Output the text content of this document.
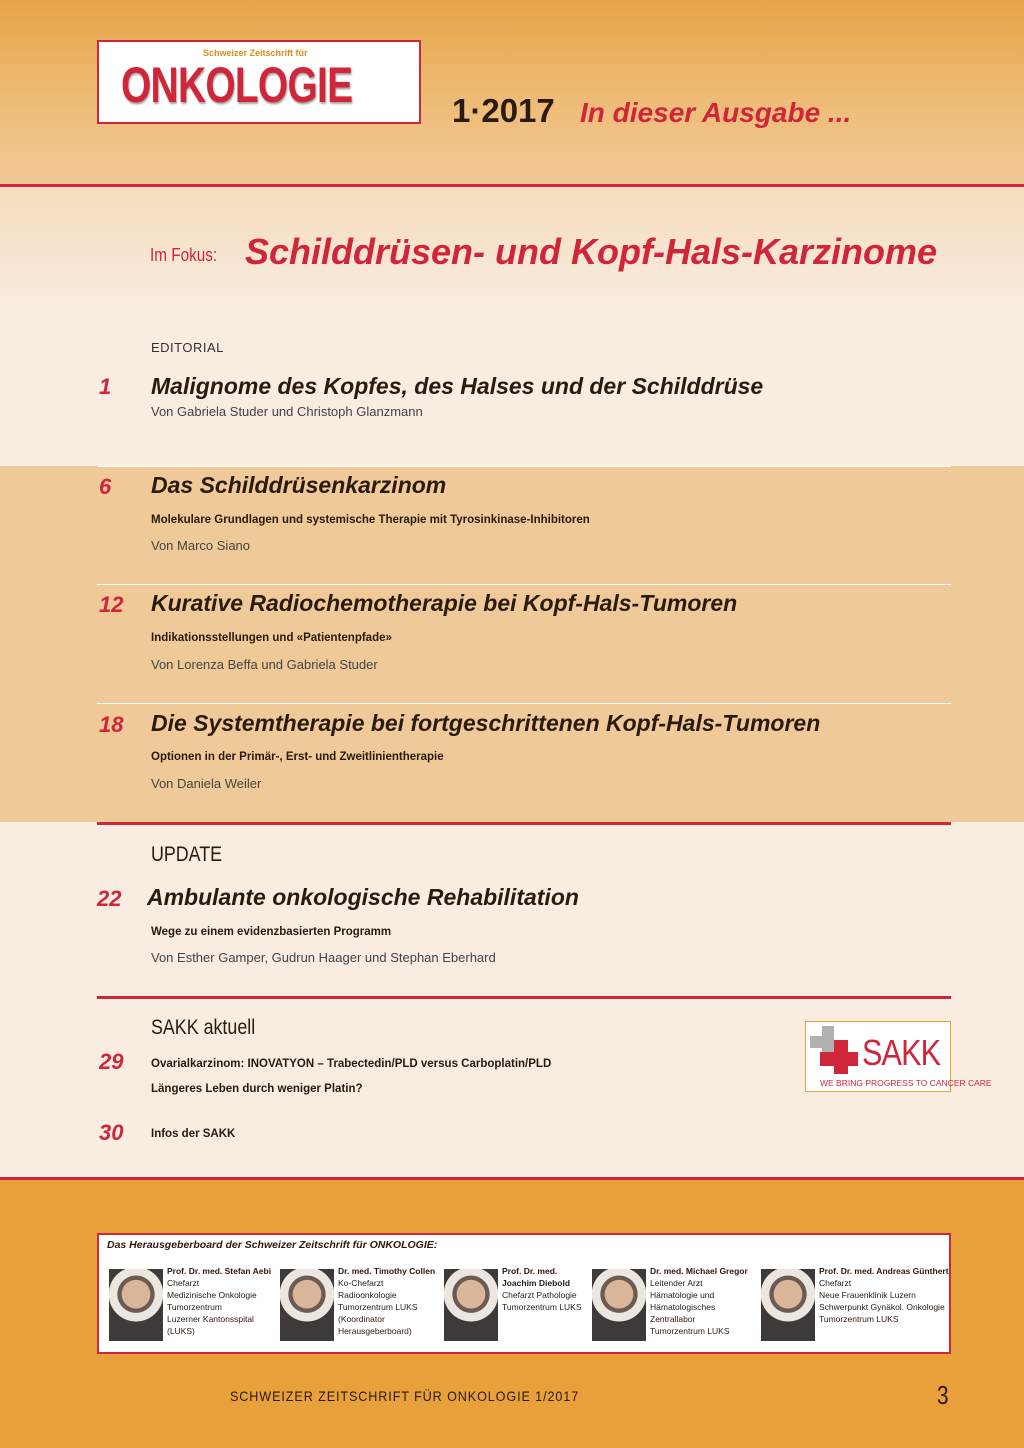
Schweizer Zeitschrift für
ONKOLOGIE	1·2017 In dieser Ausgabe ...
Im Fokus: Schilddrüsen- und Kopf-Hals-Karzinome
EDITORIAL
1 Malignome des Kopfes, des Halses und der Schilddrüse
Von Gabriela Studer und Christoph Glanzmann
6 Das Schilddrüsenkarzinom
Molekulare Grundlagen und systemische Therapie mit Tyrosinkinase-Inhibitoren
Von Marco Siano
12 Kurative Radiochemotherapie bei Kopf-Hals-Tumoren
Indikationsstellungen und «Patientenpfade»
Von Lorenza Beffa und Gabriela Studer
18 Die Systemtherapie bei fortgeschrittenen Kopf-Hals-Tumoren
Optionen in der Primär-, Erst- und Zweitlinientherapie
Von Daniela Weiler
UPDATE
22 Ambulante onkologische Rehabilitation
Wege zu einem evidenzbasierten Programm
Von Esther Gamper, Gudrun Haager und Stephan Eberhard
SAKK aktuell
29 Ovarialkarzinom: INOVATYON – Trabectedin/PLD versus Carboplatin/PLD
Längeres Leben durch weniger Platin?
30 Infos der SAKK
SAKK
WE BRING PROGRESS TO CANCER CARE
Das Herausgeberboard der Schweizer Zeitschrift für ONKOLOGIE:
Prof. Dr. med. Stefan Aebi
Chefarzt
Medizinische Onkologie
Tumorzentrum
Luzerner Kantonsspital
(LUKS)
Dr. med. Timothy Collen
Ko-Chefarzt
Radioonkologie
Tumorzentrum LUKS
(Koordinator
Herausgeberboard)
Prof. Dr. med.
Joachim Diebold
Chefarzt Pathologie
Tumorzentrum LUKS
Dr. med. Michael Gregor
Leitender Arzt
Hämatologie und
Hämatologisches
Zentrallabor
Tumorzentrum LUKS
Prof. Dr. med. Andreas Günthert
Chefarzt
Neue Frauenklinik Luzern
Schwerpunkt Gynäkol. Onkologie
Tumorzentrum LUKS
SCHWEIZER ZEITSCHRIFT FÜR ONKOLOGIE 1/2017	3
